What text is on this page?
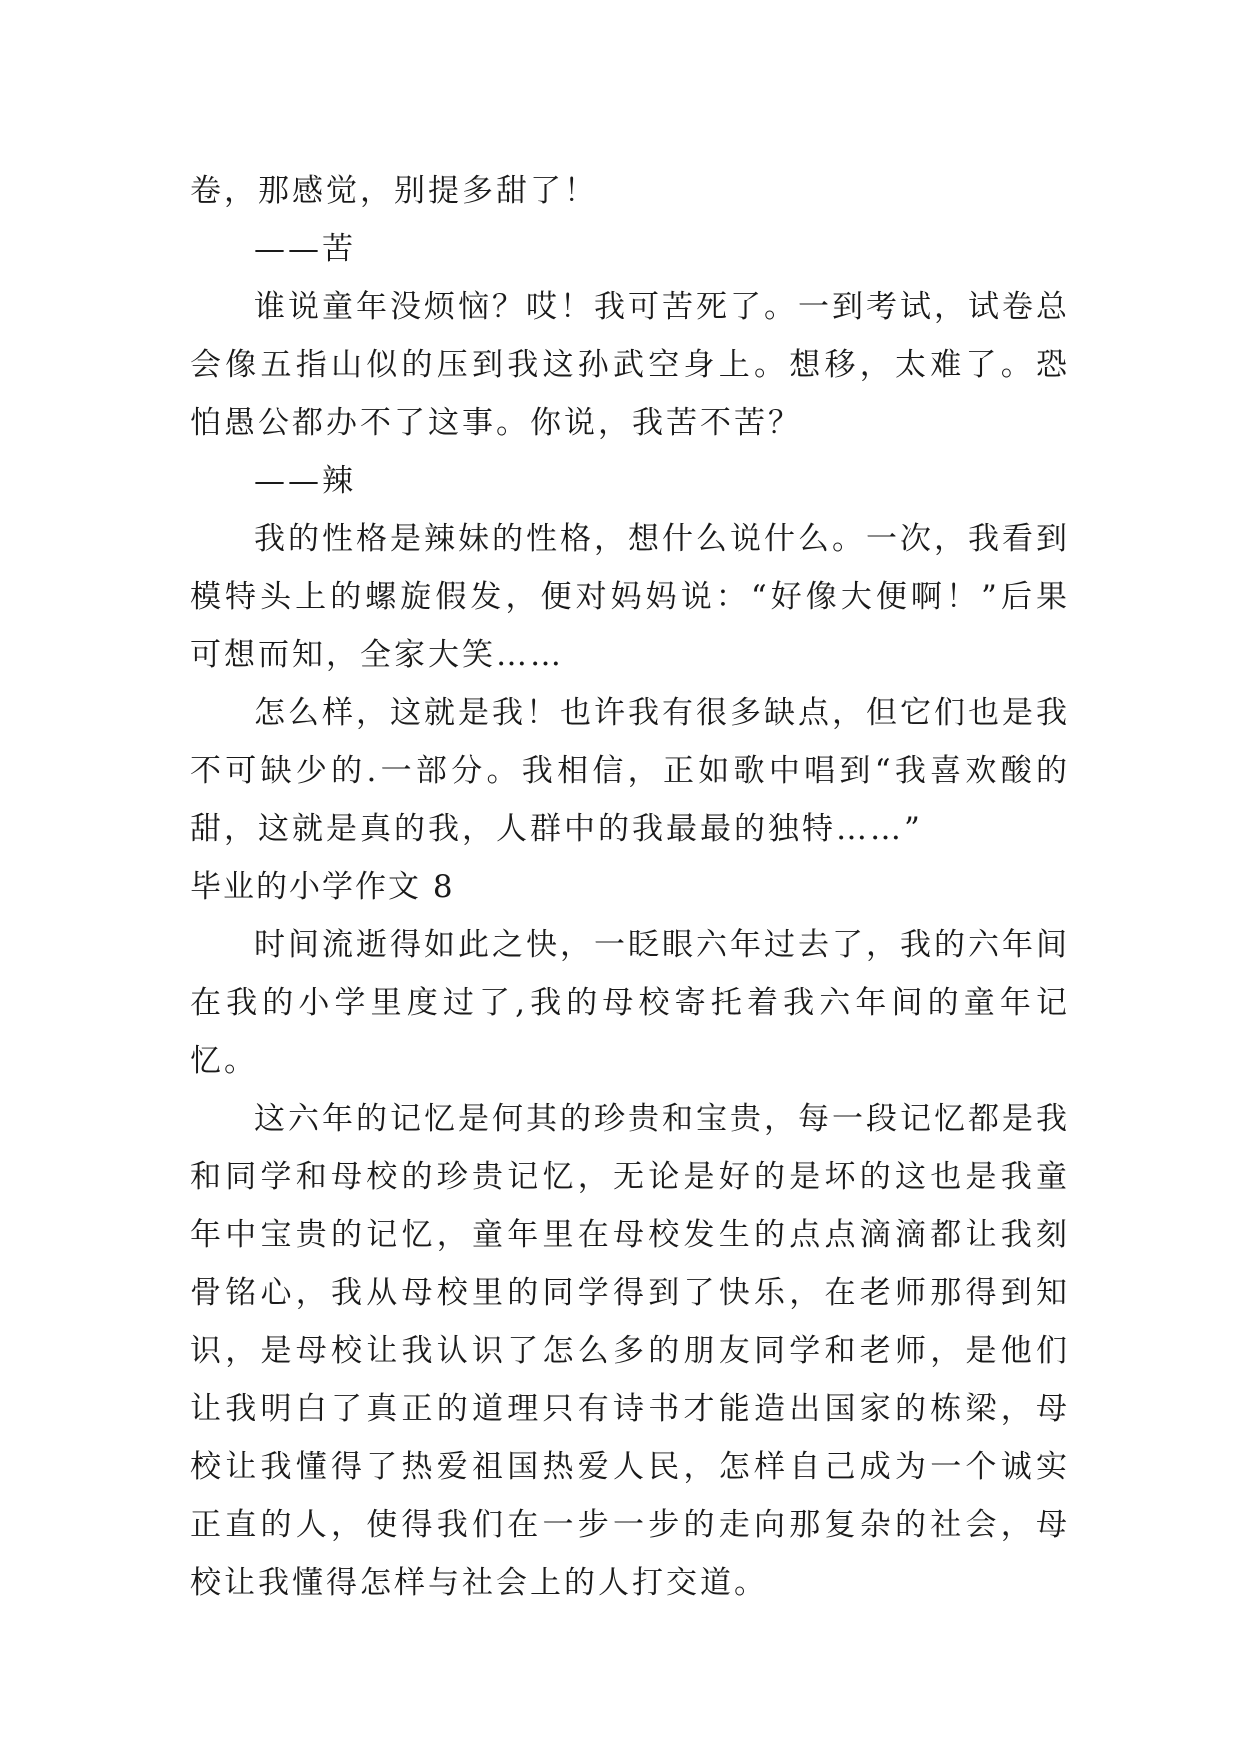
卷，那感觉，别提多甜了！

——苦

谁说童年没烦恼？哎！我可苦死了。一到考试，试卷总会像五指山似的压到我这孙武空身上。想移，太难了。恐怕愚公都办不了这事。你说，我苦不苦？

——辣

我的性格是辣妹的性格，想什么说什么。一次，我看到模特头上的螺旋假发，便对妈妈说：“好像大便啊！”后果可想而知，全家大笑……

怎么样，这就是我！也许我有很多缺点，但它们也是我不可缺少的.一部分。我相信，正如歌中唱到“我喜欢酸的甜，这就是真的我，人群中的我最最的独特……”

毕业的小学作文 8

时间流逝得如此之快，一眨眼六年过去了，我的六年间在我的小学里度过了,我的母校寄托着我六年间的童年记忆。

这六年的记忆是何其的珍贵和宝贵，每一段记忆都是我和同学和母校的珍贵记忆，无论是好的是坏的这也是我童年中宝贵的记忆，童年里在母校发生的点点滴滴都让我刻骨铭心，我从母校里的同学得到了快乐，在老师那得到知识，是母校让我认识了怎么多的朋友同学和老师，是他们让我明白了真正的道理只有诗书才能造出国家的栋梁，母校让我懂得了热爱祖国热爱人民，怎样自己成为一个诚实正直的人，使得我们在一步一步的走向那复杂的社会，母校让我懂得怎样与社会上的人打交道。
